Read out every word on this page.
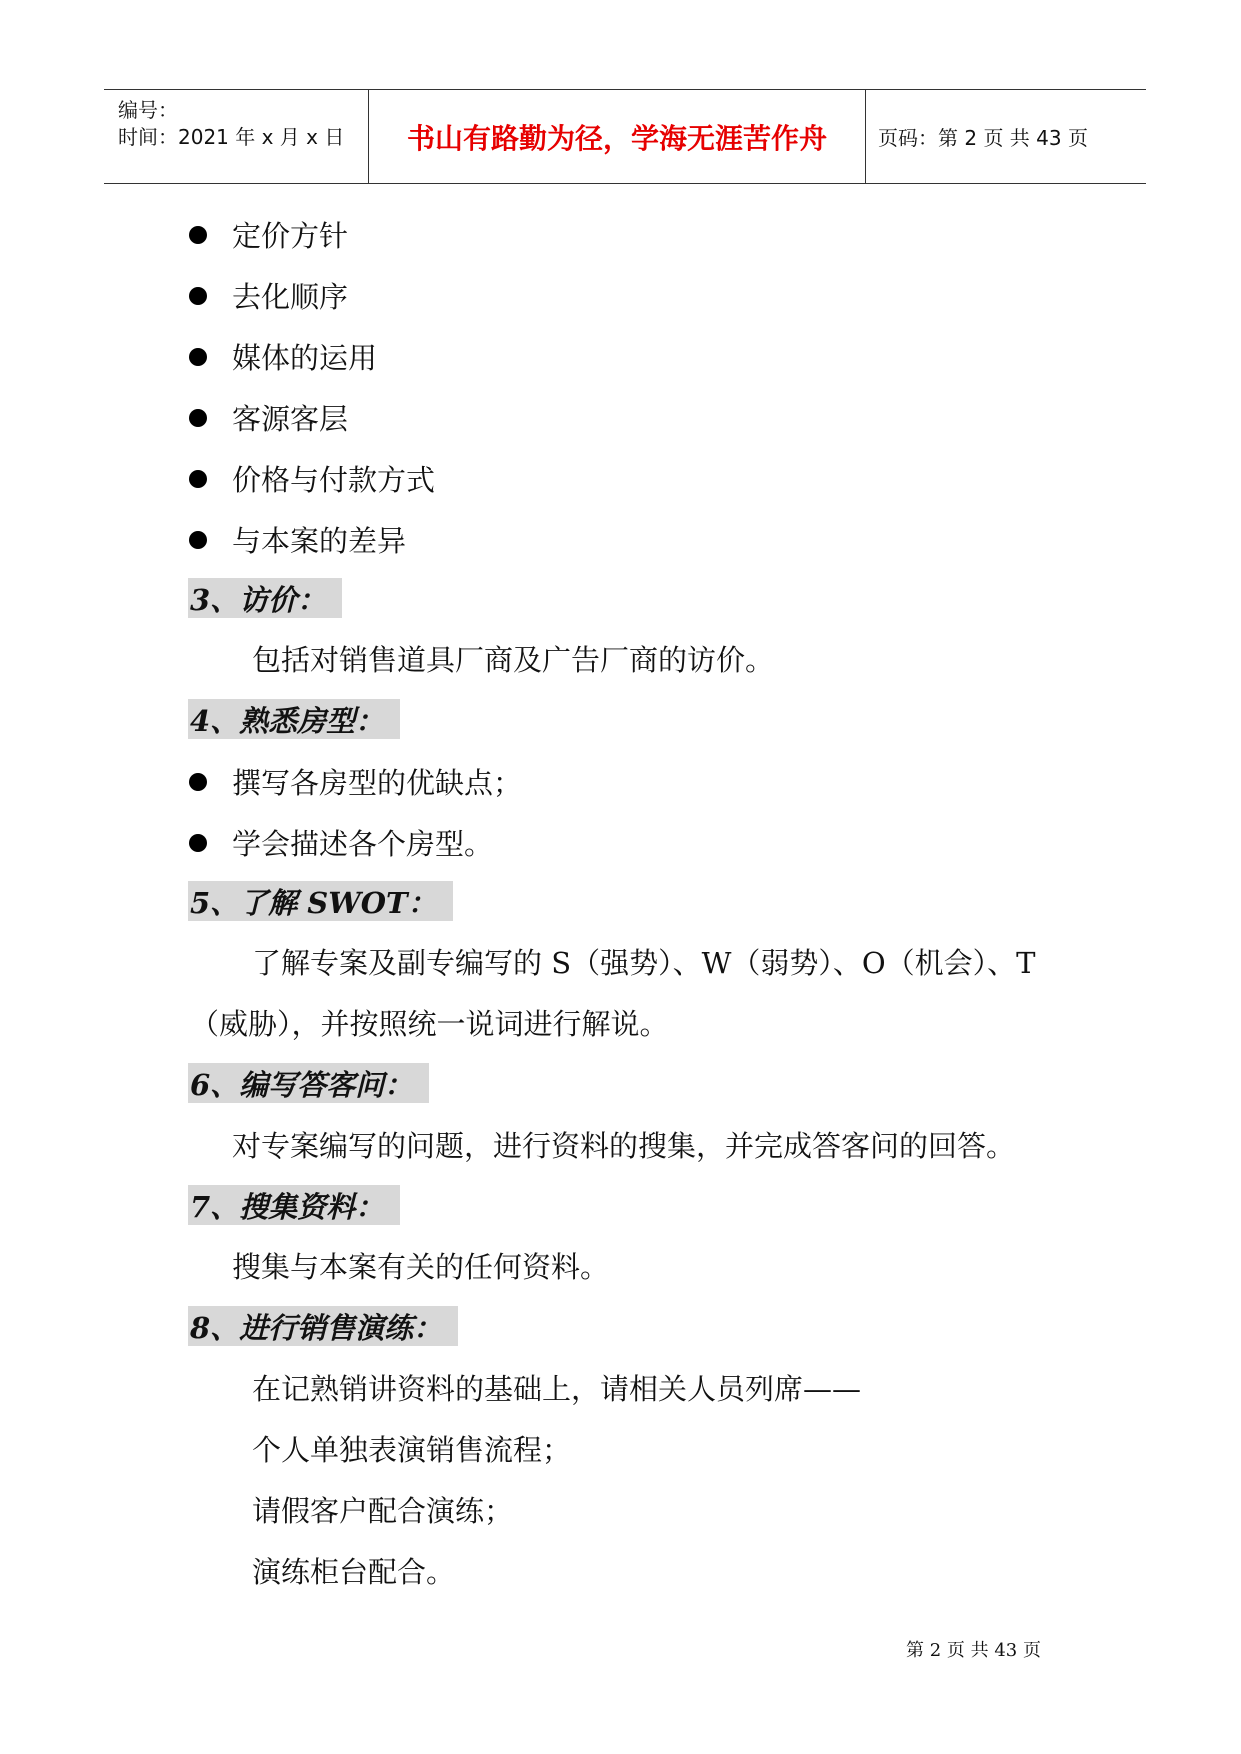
编号：
时间：2021 年 x 月 x 日 书山有路勤为径，学海无涯苦作舟	页码：第 2 页 共 43 页
定价方针
去化顺序
媒体的运用
客源客层
价格与付款方式
与本案的差异
3、访价：
包括对销售道具厂商及广告厂商的访价。
4、熟悉房型：
撰写各房型的优缺点；
学会描述各个房型。
5、了解 SWOT：
了解专案及副专编写的 S（强势）、W（弱势）、O（机会）、T
（威胁），并按照统一说词进行解说。
6、编写答客问：
对专案编写的问题，进行资料的搜集，并完成答客问的回答。
7、搜集资料：
搜集与本案有关的任何资料。
8、进行销售演练：
在记熟销讲资料的基础上，请相关人员列席——
个人单独表演销售流程；
请假客户配合演练；
演练柜台配合。
第 2 页 共 43 页
